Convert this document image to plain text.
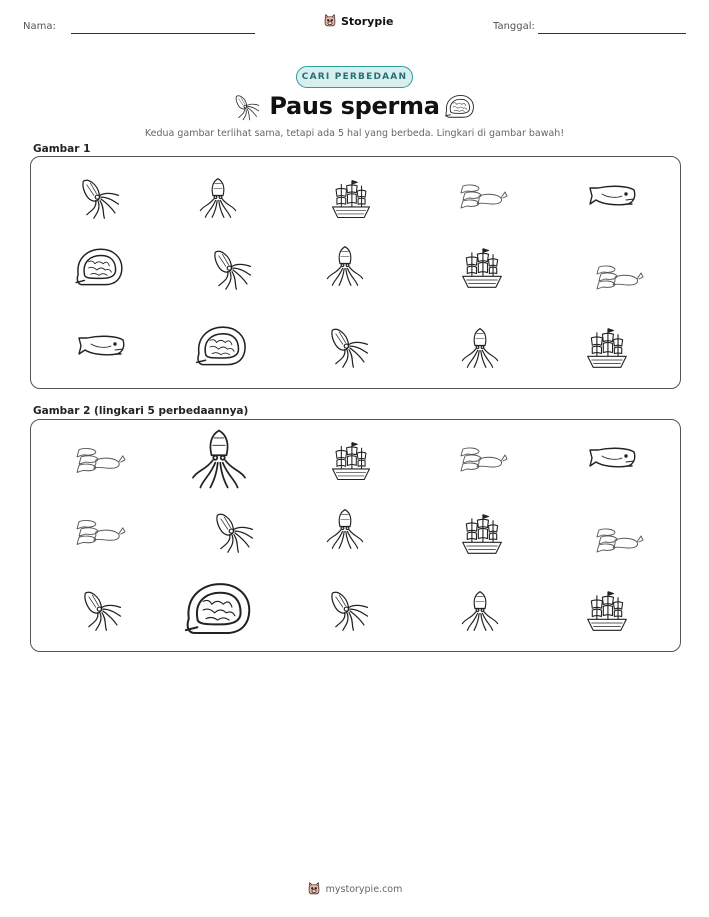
Nama:	Storypie	Tanggal:
CARI PERBEDAAN
Paus sperma
Kedua gambar terlihat sama, tetapi ada 5 hal yang berbeda. Lingkari di gambar bawah!
Gambar 1
Gambar 2 (lingkari 5 perbedaannya)
mystorypie.com
